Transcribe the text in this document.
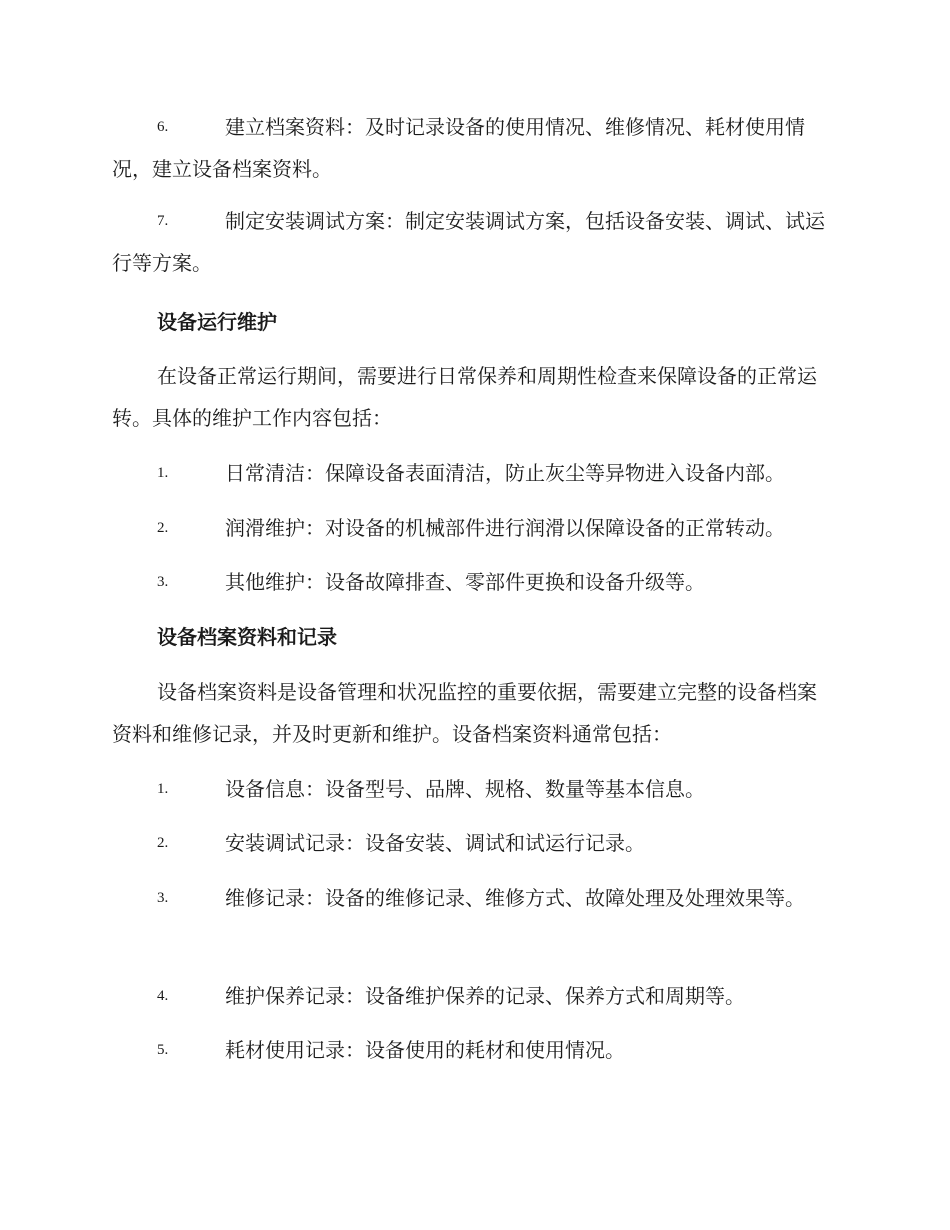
6.	建立档案资料：及时记录设备的使用情况、维修情况、耗材使用情况，建立设备档案资料。
7.	制定安装调试方案：制定安装调试方案，包括设备安装、调试、试运行等方案。
设备运行维护
在设备正常运行期间，需要进行日常保养和周期性检查来保障设备的正常运转。具体的维护工作内容包括：
1.	日常清洁：保障设备表面清洁，防止灰尘等异物进入设备内部。
2.	润滑维护：对设备的机械部件进行润滑以保障设备的正常转动。
3.	其他维护：设备故障排查、零部件更换和设备升级等。
设备档案资料和记录
设备档案资料是设备管理和状况监控的重要依据，需要建立完整的设备档案资料和维修记录，并及时更新和维护。设备档案资料通常包括：
1.	设备信息：设备型号、品牌、规格、数量等基本信息。
2.	安装调试记录：设备安装、调试和试运行记录。
3.	维修记录：设备的维修记录、维修方式、故障处理及处理效果等。
4.	维护保养记录：设备维护保养的记录、保养方式和周期等。
5.	耗材使用记录：设备使用的耗材和使用情况。
